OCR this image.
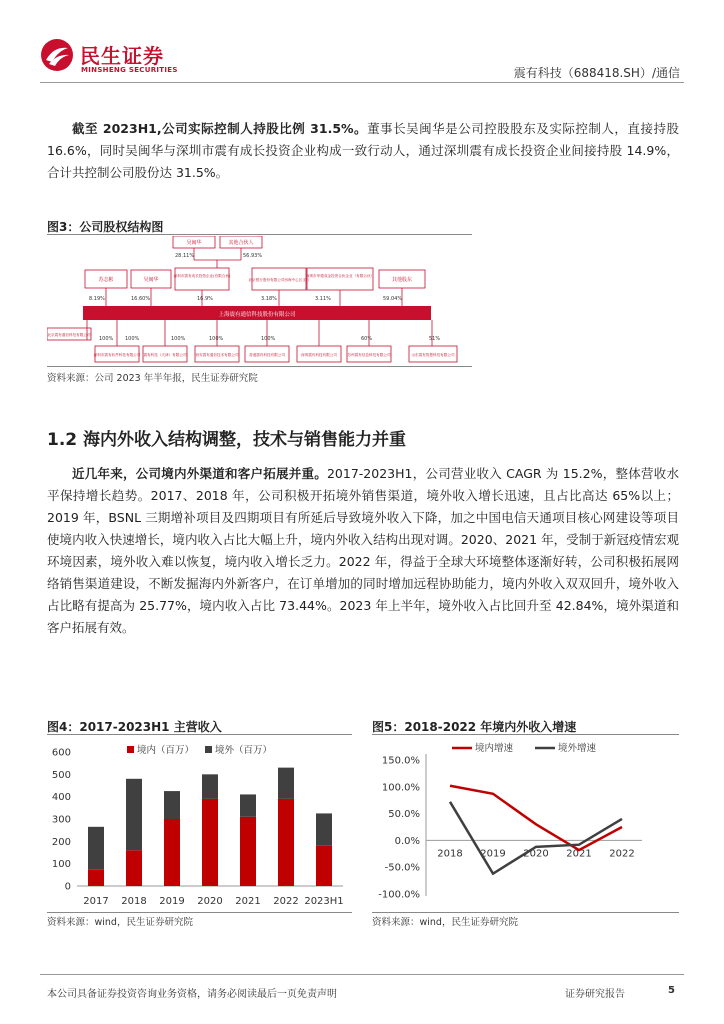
民生证券
MINSHENG SECURITIES	震有科技（688418.SH）/通信
截至 2023H1,公司实际控制人持股比例 31.5%。董事长吴闽华是公司控股股东及实际控制人，直接持股 16.6%，同时吴闽华与深圳市震有成长投资企业构成一致行动人，通过深圳震有成长投资企业间接持股 14.9%，合计共控制公司股份达 31.5%。
图3：公司股权结构图
吴闽华	其他合伙人
苏志彬	吴闽华	北京银行股份有限公司西海中心区支行	其他股东
北京震有通信科技有限公司
深圳市震有成长投资企业(有限合伙)	深圳市华德成金投资合伙企业（有限合伙）
深圳市震有软件科技有限公司 震有科技（天津）有限公司 西安震有通信技术有限公司	香港震有科技有限公司	深圳震有科技有限公司	苏州震有信息科技有限公司	山东震有智慧科技有限公司
上海震有通信科技股份有限公司
28.11%	56.93%
8.19%	16.60%	16.9%	3.18%	3.11%	59.04%
100% 100%	100%	100%	100%	60%	51%
资料来源：公司 2023 年半年报，民生证券研究院
1.2 海内外收入结构调整，技术与销售能力并重
近几年来，公司境内外渠道和客户拓展并重。2017-2023H1，公司营业收入 CAGR 为 15.2%，整体营收水平保持增长趋势。2017、2018 年，公司积极开拓境外销售渠道，境外收入增长迅速，且占比高达 65%以上；2019 年，BSNL 三期增补项目及四期项目有所延后导致境外收入下降，加之中国电信天通项目核心网建设等项目使境内收入快速增长，境内收入占比大幅上升，境内外收入结构出现对调。2020、2021 年，受制于新冠疫情宏观环境因素，境外收入难以恢复，境内收入增长乏力。2022 年，得益于全球大环境整体逐渐好转，公司积极拓展网络销售渠道建设，不断发掘海内外新客户，在订单增加的同时增加远程协助能力，境内外收入双双回升，境外收入占比略有提高为 25.77%，境内收入占比 73.44%。2023 年上半年，境外收入占比回升至 42.84%，境外渠道和客户拓展有效。
图4：2017-2023H1 主营收入
0
100
200
300
400
500
600
2017 2018 2019 2020 2021 2022 2023H1
境内（百万） 境外（百万）
资料来源：wind，民生证券研究院
图5：2018-2022 年境内外收入增速
-100.0%
-50.0%
0.0%
50.0%
100.0%
150.0%
2018 2019 2020 2021 2022
境内增速	境外增速
资料来源：wind，民生证券研究院
本公司具备证券投资咨询业务资格，请务必阅读最后一页免责声明	证券研究报告	5
